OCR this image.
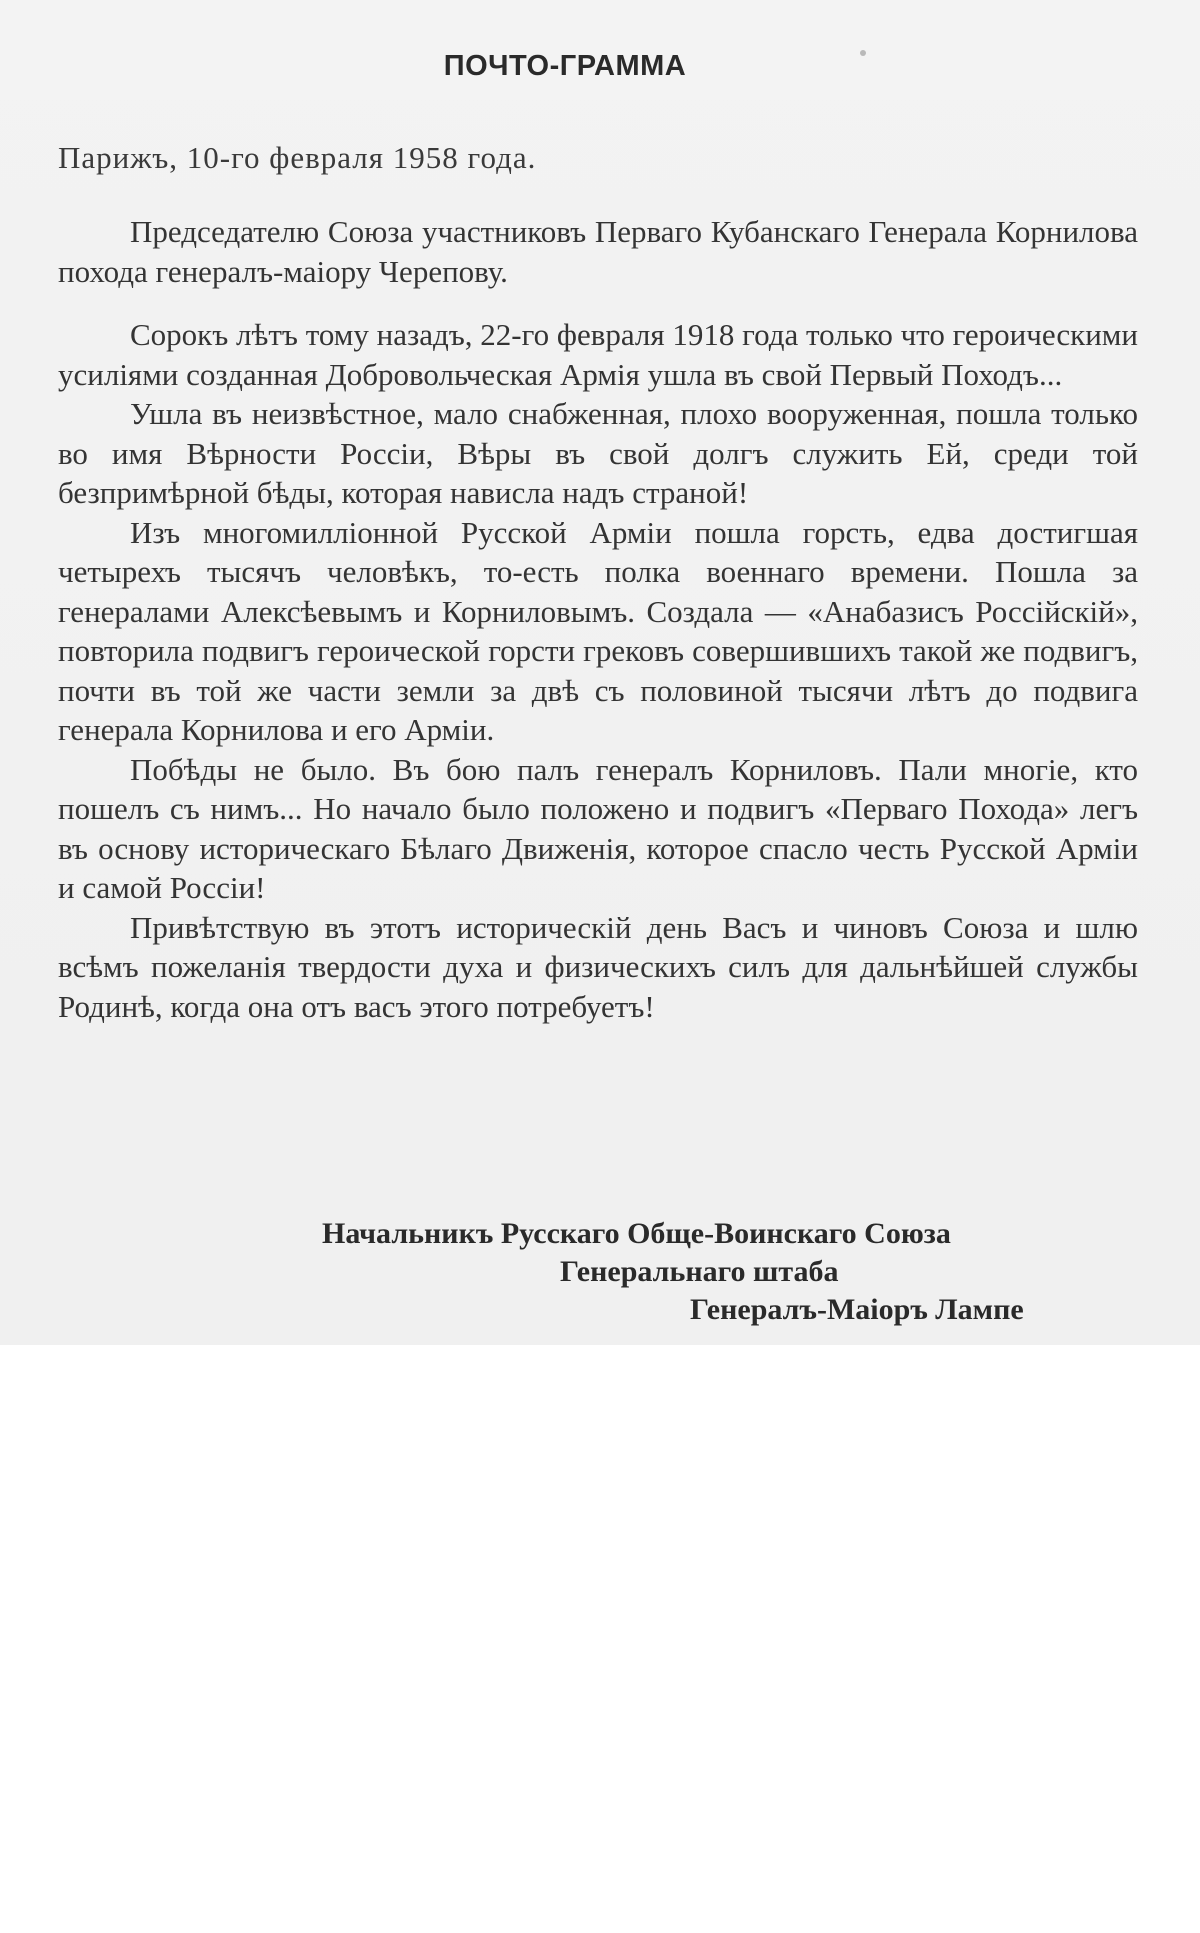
ПОЧТО-ГРАММА
Парижъ, 10-го февраля 1958 года.

Председателю Союза участниковъ Перваго Кубанскаго Генерала Корнилова похода генералъ-маiору Черепову.

Сорокъ лѣтъ тому назадъ, 22-го февраля 1918 года только что героическими усиліями созданная Добровольческая Армія ушла въ свой Первый Походъ...

Ушла въ неизвѣстное, мало снабженная, плохо вооруженная, пошла только во имя Вѣрности Россіи, Вѣры въ свой долгъ служить Ей, среди той безпримѣрной бѣды, которая нависла надъ страной!

Изъ многомилліонной Русской Арміи пошла горсть, едва достигшая четырехъ тысячъ человѣкъ, то-есть полка военнаго времени. Пошла за генералами Алексѣевымъ и Корниловымъ. Создала — «Анабазисъ Россійскій», повторила подвигъ героической горсти грековъ совершившихъ такой же подвигъ, почти въ той же части земли за двѣ съ половиной тысячи лѣтъ до подвига генерала Корнилова и его Арміи.

Побѣды не было. Въ бою палъ генералъ Корниловъ. Пали многіе, кто пошелъ съ нимъ... Но начало было положено и подвигъ «Перваго Похода» легъ въ основу историческаго Бѣлаго Движенія, которое спасло честь Русской Арміи и самой Россіи!

Привѣтствую въ этотъ историческій день Васъ и чиновъ Союза и шлю всѣмъ пожеланія твердости духа и физическихъ силъ для дальнѣйшей службы Родинѣ, когда она отъ васъ этого потребуетъ!

Начальникъ Русскаго Обще-Воинскаго Союза
Генеральнаго штаба
Генералъ-Маіоръ Лампе
